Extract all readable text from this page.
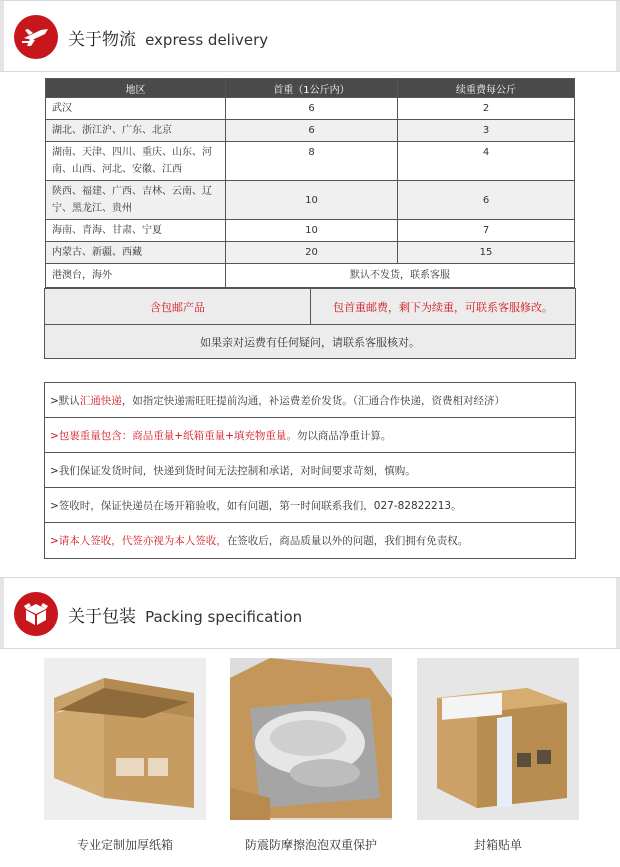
关于物流 express delivery
地区	首重（1公斤内）	续重费每公斤
武汉	6	2
湖北、浙江沪、广东、北京	6	3
湖南、天津、四川、重庆、山东、河南、山西、河北、安徽、江西	8	4
陕西、福建、广西、吉林、云南、辽宁、黑龙江、贵州	10	6
海南、青海、甘肃、宁夏	10	7
内蒙古、新疆、西藏	20	15
港澳台，海外	默认不发货，联系客服	
含包邮产品	包首重邮费，剩下为续重，可联系客服修改。
如果亲对运费有任何疑问，请联系客服核对。
>默认 汇通快递 ，如指定快递需旺旺提前沟通，补运费差价发货。（汇通合作快递，资费相对经济）
>包裹重量包含：商品重量+纸箱重量+填充物重量。 勿以商品净重计算。
>我们保证发货时间，快递到货时间无法控制和承诺，对时间要求苛刻，慎购。
>签收时，保证快递员在场开箱验收，如有问题，第一时间联系我们，027-82822213。
>请本人签收，代签亦视为本人签收， 在签收后，商品质量以外的问题，我们拥有免责权。
关于包装 Packing specification
专业定制加厚纸箱	防震防摩擦泡泡双重保护	封箱贴单
